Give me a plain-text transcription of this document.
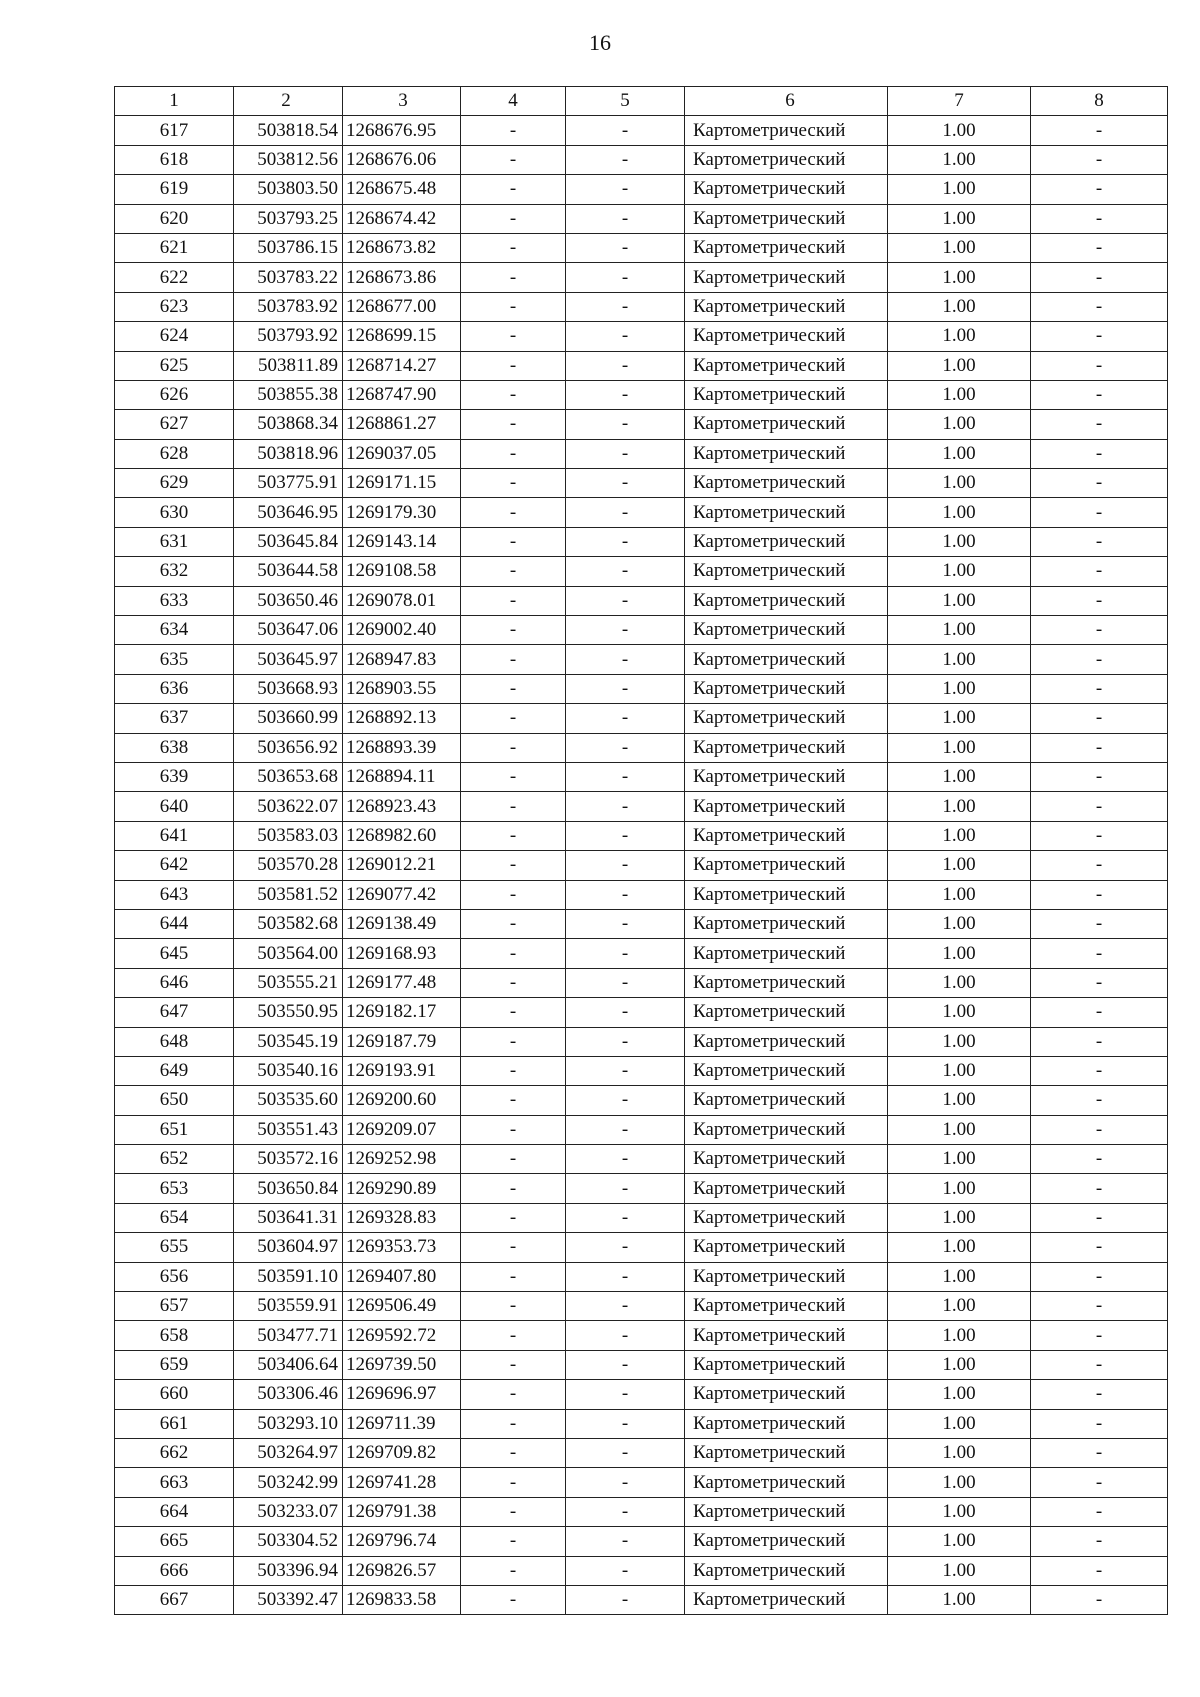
16
1	2	3	4	5	6	7	8
617	503818.54	1268676.95	-	-	Картометрический	1.00	-
618	503812.56	1268676.06	-	-	Картометрический	1.00	-
619	503803.50	1268675.48	-	-	Картометрический	1.00	-
620	503793.25	1268674.42	-	-	Картометрический	1.00	-
621	503786.15	1268673.82	-	-	Картометрический	1.00	-
622	503783.22	1268673.86	-	-	Картометрический	1.00	-
623	503783.92	1268677.00	-	-	Картометрический	1.00	-
624	503793.92	1268699.15	-	-	Картометрический	1.00	-
625	503811.89	1268714.27	-	-	Картометрический	1.00	-
626	503855.38	1268747.90	-	-	Картометрический	1.00	-
627	503868.34	1268861.27	-	-	Картометрический	1.00	-
628	503818.96	1269037.05	-	-	Картометрический	1.00	-
629	503775.91	1269171.15	-	-	Картометрический	1.00	-
630	503646.95	1269179.30	-	-	Картометрический	1.00	-
631	503645.84	1269143.14	-	-	Картометрический	1.00	-
632	503644.58	1269108.58	-	-	Картометрический	1.00	-
633	503650.46	1269078.01	-	-	Картометрический	1.00	-
634	503647.06	1269002.40	-	-	Картометрический	1.00	-
635	503645.97	1268947.83	-	-	Картометрический	1.00	-
636	503668.93	1268903.55	-	-	Картометрический	1.00	-
637	503660.99	1268892.13	-	-	Картометрический	1.00	-
638	503656.92	1268893.39	-	-	Картометрический	1.00	-
639	503653.68	1268894.11	-	-	Картометрический	1.00	-
640	503622.07	1268923.43	-	-	Картометрический	1.00	-
641	503583.03	1268982.60	-	-	Картометрический	1.00	-
642	503570.28	1269012.21	-	-	Картометрический	1.00	-
643	503581.52	1269077.42	-	-	Картометрический	1.00	-
644	503582.68	1269138.49	-	-	Картометрический	1.00	-
645	503564.00	1269168.93	-	-	Картометрический	1.00	-
646	503555.21	1269177.48	-	-	Картометрический	1.00	-
647	503550.95	1269182.17	-	-	Картометрический	1.00	-
648	503545.19	1269187.79	-	-	Картометрический	1.00	-
649	503540.16	1269193.91	-	-	Картометрический	1.00	-
650	503535.60	1269200.60	-	-	Картометрический	1.00	-
651	503551.43	1269209.07	-	-	Картометрический	1.00	-
652	503572.16	1269252.98	-	-	Картометрический	1.00	-
653	503650.84	1269290.89	-	-	Картометрический	1.00	-
654	503641.31	1269328.83	-	-	Картометрический	1.00	-
655	503604.97	1269353.73	-	-	Картометрический	1.00	-
656	503591.10	1269407.80	-	-	Картометрический	1.00	-
657	503559.91	1269506.49	-	-	Картометрический	1.00	-
658	503477.71	1269592.72	-	-	Картометрический	1.00	-
659	503406.64	1269739.50	-	-	Картометрический	1.00	-
660	503306.46	1269696.97	-	-	Картометрический	1.00	-
661	503293.10	1269711.39	-	-	Картометрический	1.00	-
662	503264.97	1269709.82	-	-	Картометрический	1.00	-
663	503242.99	1269741.28	-	-	Картометрический	1.00	-
664	503233.07	1269791.38	-	-	Картометрический	1.00	-
665	503304.52	1269796.74	-	-	Картометрический	1.00	-
666	503396.94	1269826.57	-	-	Картометрический	1.00	-
667	503392.47	1269833.58	-	-	Картометрический	1.00	-
